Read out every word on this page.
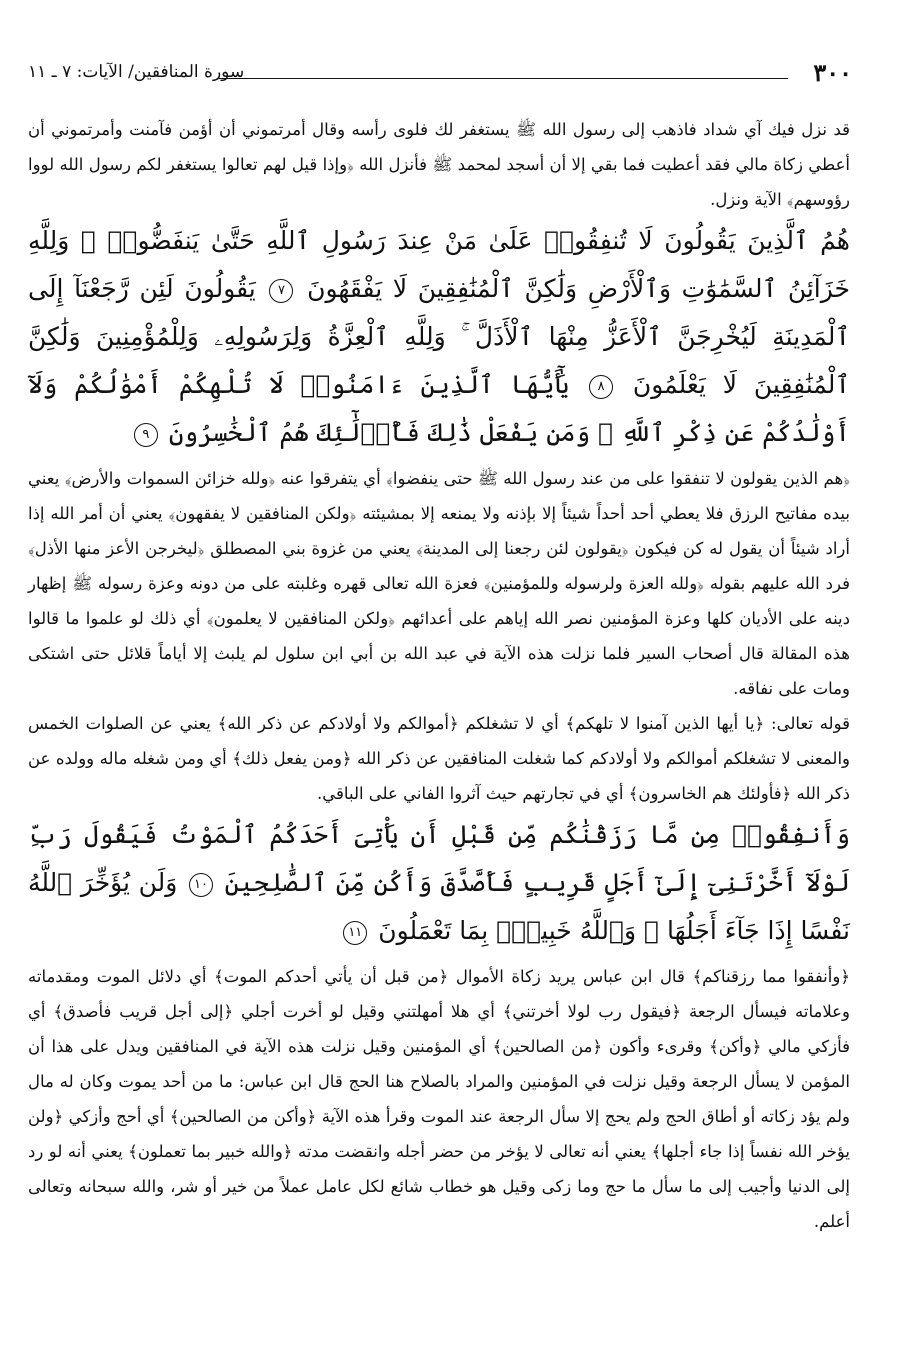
٣٠٠
سورة المنافقين/ الآيات: ٧ ـ ١١

قد نزل فيك آي شداد فاذهب إلى رسول الله ﷺ يستغفر لك فلوى رأسه وقال أمرتموني أن أؤمن فآمنت وأمرتموني أن أعطي زكاة مالي فقد أعطيت فما بقي إلا أن أسجد لمحمد ﷺ فأنزل الله ﴿وإذا قيل لهم تعالوا يستغفر لكم رسول الله لووا رؤوسهم﴾ الآية ونزل.

هُمُ ٱلَّذِينَ يَقُولُونَ لَا تُنفِقُوا۟ عَلَىٰ مَنْ عِندَ رَسُولِ ٱللَّهِ حَتَّىٰ يَنفَضُّوا۟ ۗ وَلِلَّهِ خَزَآئِنُ ٱلسَّمَٰوَٰتِ وَٱلْأَرْضِ وَلَٰكِنَّ ٱلْمُنَٰفِقِينَ لَا يَفْقَهُونَ ٧ يَقُولُونَ لَئِن رَّجَعْنَآ إِلَى ٱلْمَدِينَةِ لَيُخْرِجَنَّ ٱلْأَعَزُّ مِنْهَا ٱلْأَذَلَّ ۚ وَلِلَّهِ ٱلْعِزَّةُ وَلِرَسُولِهِۦ وَلِلْمُؤْمِنِينَ وَلَٰكِنَّ ٱلْمُنَٰفِقِينَ لَا يَعْلَمُونَ ٨ يَٰٓأَيُّهَا ٱلَّذِينَ ءَامَنُوا۟ لَا تُلْهِكُمْ أَمْوَٰلُكُمْ وَلَآ أَوْلَٰدُكُمْ عَن ذِكْرِ ٱللَّهِ ۚ وَمَن يَفْعَلْ ذَٰلِكَ فَأُو۟لَٰٓئِكَ هُمُ ٱلْخَٰسِرُونَ ٩

﴿هم الذين يقولون لا تنفقوا على من عند رسول الله ﷺ حتى ينفضوا﴾ أي يتفرقوا عنه ﴿ولله خزائن السموات والأرض﴾ يعني بيده مفاتيح الرزق فلا يعطي أحد أحداً شيئاً إلا بإذنه ولا يمنعه إلا بمشيئته ﴿ولكن المنافقين لا يفقهون﴾ يعني أن أمر الله إذا أراد شيئاً أن يقول له كن فيكون ﴿يقولون لئن رجعنا إلى المدينة﴾ يعني من غزوة بني المصطلق ﴿ليخرجن الأعز منها الأذل﴾ فرد الله عليهم بقوله ﴿ولله العزة ولرسوله وللمؤمنين﴾ فعزة الله تعالى قهره وغلبته على من دونه وعزة رسوله ﷺ إظهار دينه على الأديان كلها وعزة المؤمنين نصر الله إياهم على أعدائهم ﴿ولكن المنافقين لا يعلمون﴾ أي ذلك لو علموا ما قالوا هذه المقالة قال أصحاب السير فلما نزلت هذه الآية في عبد الله بن أبي ابن سلول لم يلبث إلا أياماً قلائل حتى اشتكى ومات على نفاقه.

قوله تعالى: ﴿يا أيها الذين آمنوا لا تلهكم﴾ أي لا تشغلكم ﴿أموالكم ولا أولادكم عن ذكر الله﴾ يعني عن الصلوات الخمس والمعنى لا تشغلكم أموالكم ولا أولادكم كما شغلت المنافقين عن ذكر الله ﴿ومن يفعل ذلك﴾ أي ومن شغله ماله وولده عن ذكر الله ﴿فأولئك هم الخاسرون﴾ أي في تجارتهم حيث آثروا الفاني على الباقي.

وَأَنفِقُوا۟ مِن مَّا رَزَقْنَٰكُم مِّن قَبْلِ أَن يَأْتِىَ أَحَدَكُمُ ٱلْمَوْتُ فَيَقُولَ رَبِّ لَوْلَآ أَخَّرْتَنِىٓ إِلَىٰٓ أَجَلٍ قَرِيبٍ فَأَصَّدَّقَ وَأَكُن مِّنَ ٱلصَّٰلِحِينَ ١٠ وَلَن يُؤَخِّرَ ٱللَّهُ نَفْسًا إِذَا جَآءَ أَجَلُهَا ۚ وَٱللَّهُ خَبِيرٌۢ بِمَا تَعْمَلُونَ ١١

﴿وأنفقوا مما رزقناكم﴾ قال ابن عباس يريد زكاة الأموال ﴿من قبل أن يأتي أحدكم الموت﴾ أي دلائل الموت ومقدماته وعلاماته فيسأل الرجعة ﴿فيقول رب لولا أخرتني﴾ أي هلا أمهلتني وقيل لو أخرت أجلي ﴿إلى أجل قريب فأصدق﴾ أي فأزكي مالي ﴿وأكن﴾ وقرىء وأكون ﴿من الصالحين﴾ أي المؤمنين وقيل نزلت هذه الآية في المنافقين ويدل على هذا أن المؤمن لا يسأل الرجعة وقيل نزلت في المؤمنين والمراد بالصلاح هنا الحج قال ابن عباس: ما من أحد يموت وكان له مال ولم يؤد زكاته أو أطاق الحج ولم يحج إلا سأل الرجعة عند الموت وقرأ هذه الآية ﴿وأكن من الصالحين﴾ أي أحج وأزكي ﴿ولن يؤخر الله نفساً إذا جاء أجلها﴾ يعني أنه تعالى لا يؤخر من حضر أجله وانقضت مدته ﴿والله خبير بما تعملون﴾ يعني أنه لو رد إلى الدنيا وأجيب إلى ما سأل ما حج وما زكى وقيل هو خطاب شائع لكل عامل عملاً من خير أو شر، والله سبحانه وتعالى أعلم.
